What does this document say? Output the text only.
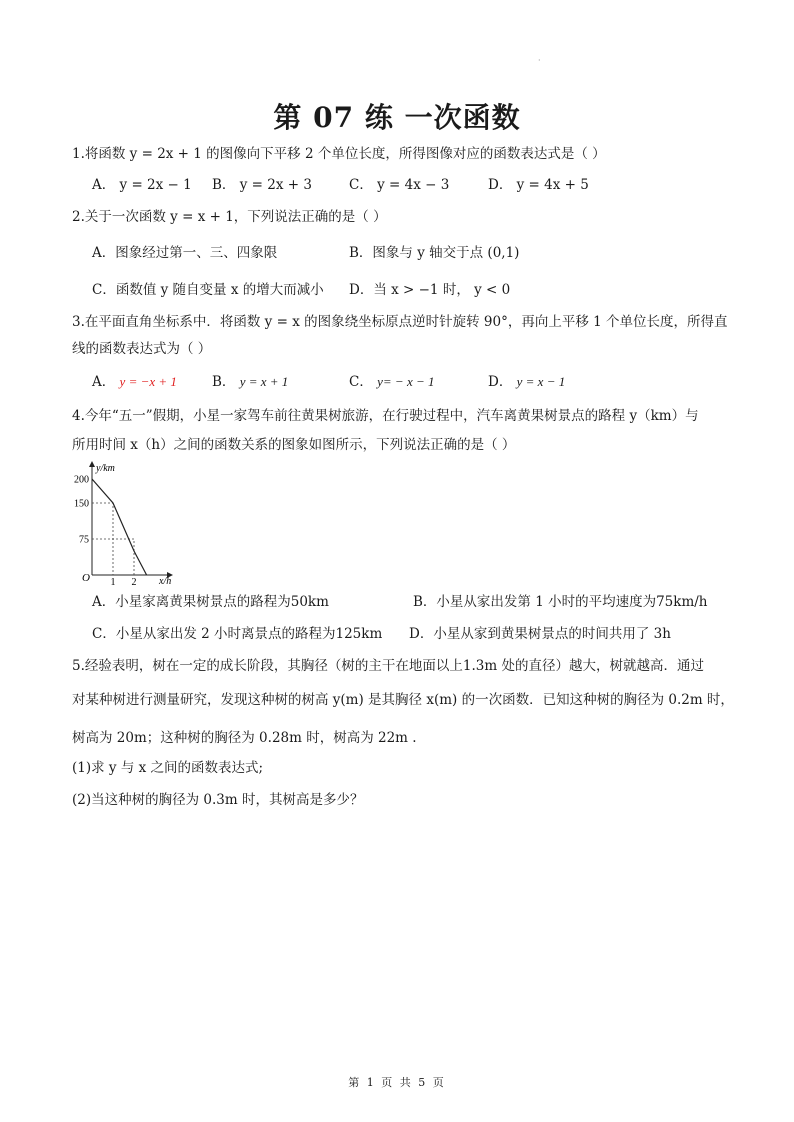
·
第 07 练 一次函数
1.将函数 y = 2x + 1 的图像向下平移 2 个单位长度，所得图像对应的函数表达式是（ ）
A． y = 2x − 1 B． y = 2x + 3	C． y = 4x − 3	D． y = 4x + 5
2.关于一次函数 y = x + 1，下列说法正确的是（ ）
A．图象经过第一、三、四象限	B．图象与 y 轴交于点 (0,1)
C．函数值 y 随自变量 x 的增大而减小 D．当 x > −1 时， y < 0
3.在平面直角坐标系中．将函数 y = x 的图象绕坐标原点逆时针旋转 90°，再向上平移 1 个单位长度，所得直
线的函数表达式为（ ）
A． y = −x + 1	B． y = x + 1	C． y= − x − 1	D． y = x − 1
4.今年“五一”假期，小星一家驾车前往黄果树旅游，在行驶过程中，汽车离黄果树景点的路程 y（km）与
所用时间 x（h）之间的函数关系的图象如图所示，下列说法正确的是（ ）
y/km
x/h
O
75
150
200
1 2
A．小星家离黄果树景点的路程为50km	B．小星从家出发第 1 小时的平均速度为75km/h
C．小星从家出发 2 小时离景点的路程为125km D．小星从家到黄果树景点的时间共用了 3h
5.经验表明，树在一定的成长阶段，其胸径（树的主干在地面以上1.3m 处的直径）越大，树就越高．通过
对某种树进行测量研究，发现这种树的树高 y(m) 是其胸径 x(m) 的一次函数．已知这种树的胸径为 0.2m 时，
树高为 20m；这种树的胸径为 0.28m 时，树高为 22m .
(1)求 y 与 x 之间的函数表达式;
(2)当这种树的胸径为 0.3m 时，其树高是多少？
第 1 页 共 5 页
